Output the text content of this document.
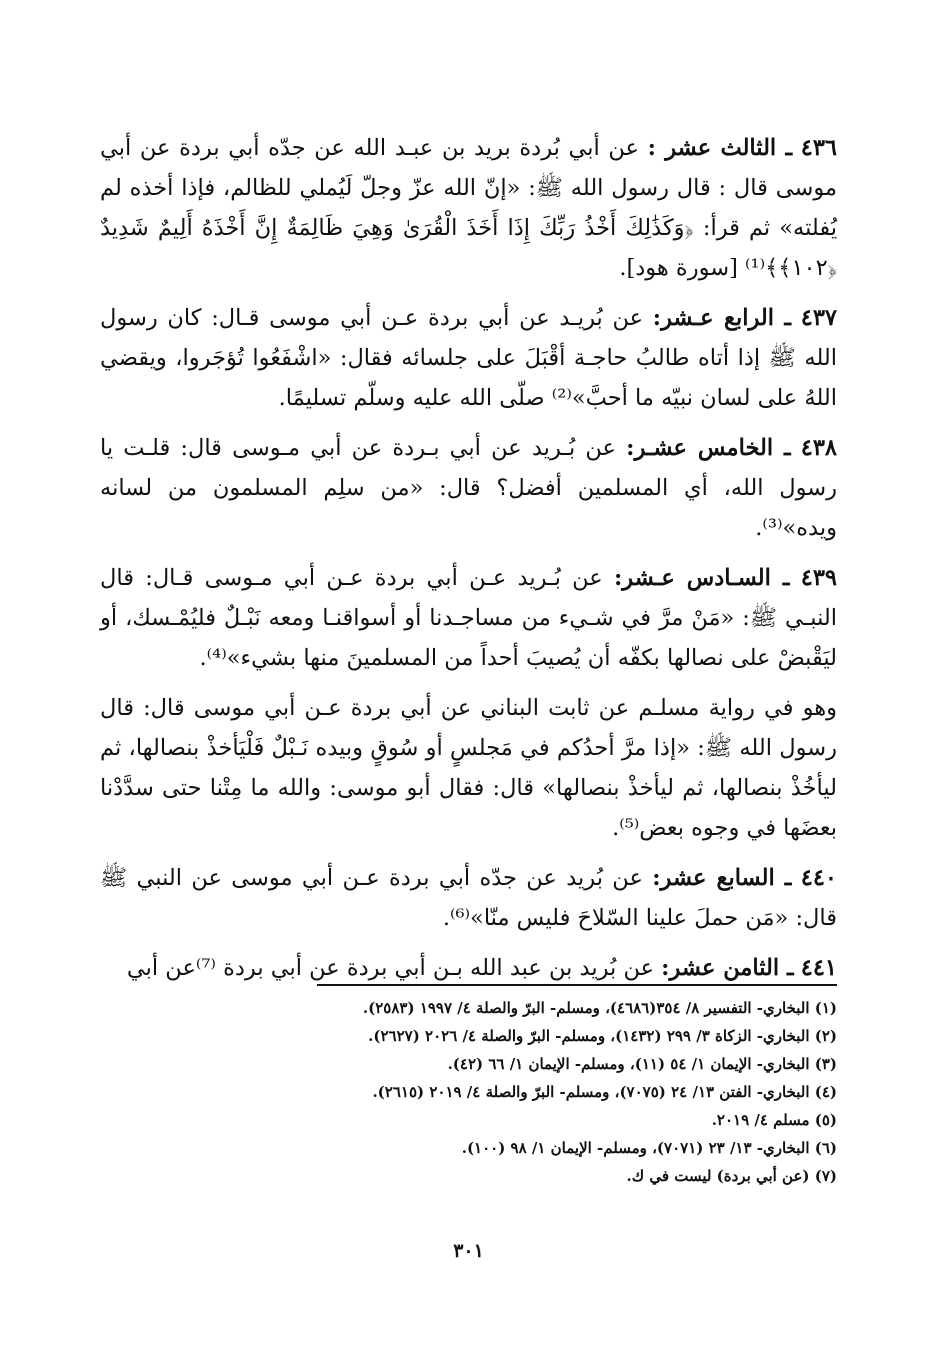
٤٣٦ ـ الثالث عشر : عن أبي بُردة بريد بن عبـد الله عن جدّه أبي بردة عن أبي موسى قال : قال رسول الله ﷺ: «إنّ الله عزّ وجلّ لَيُملي للظالم، فإذا أخذه لم يُفلته» ثم قرأ: ﴿وَكَذَٰلِكَ أَخْذُ رَبِّكَ إِذَا أَخَذَ الْقُرَىٰ وَهِيَ ظَالِمَةٌ إِنَّ أَخْذَهُ أَلِيمٌ شَدِيدٌ ﴿١٠٢﴾﴾⁽¹⁾ [سورة هود].

٤٣٧ ـ الرابع عـشر: عن بُريـد عن أبي بردة عـن أبي موسى قـال: كان رسول الله ﷺ إذا أتاه طالبُ حاجـة أقْبَلَ على جلسائه فقال: «اشْفَعُوا تُؤجَروا، ويقضي اللهُ على لسان نبيّه ما أحبَّ»⁽²⁾ صلّى الله عليه وسلّم تسليمًا.

٤٣٨ ـ الخامس عشـر: عن بُـريد عن أبي بـردة عن أبي مـوسى قال: قلـت يا رسول الله، أي المسلمين أفضل؟ قال: «من سلِم المسلمون من لسانه ويده»⁽³⁾.

٤٣٩ ـ السـادس عـشر: عن بُـريد عـن أبي بردة عـن أبي مـوسى قـال: قال النبـي ﷺ: «مَنْ مرَّ في شـيء من مساجـدنا أو أسواقنـا ومعه نَبْـلٌ فليُمْـسك، أو ليَقْبضْ على نصالها بكفّه أن يُصيبَ أحداً من المسلمينَ منها بشيء»⁽⁴⁾.

وهو في رواية مسلـم عن ثابت البناني عن أبي بردة عـن أبي موسى قال: قال رسول الله ﷺ: «إذا مرَّ أحدُكم في مَجلسٍ أو سُوقٍ وبيده نَـبْلٌ فَلْيَأخذْ بنصالها، ثم ليأخُذْ بنصالها، ثم ليأخذْ بنصالها» قال: فقال أبو موسى: والله ما مِتْنا حتى سدَّدْنا بعضَها في وجوه بعض⁽⁵⁾.

٤٤٠ ـ السابع عشر: عن بُريد عن جدّه أبي بردة عـن أبي موسى عن النبي ﷺ قال: «مَن حملَ علينا السّلاحَ فليس منّا»⁽⁶⁾.

٤٤١ ـ الثامن عشر: عن بُريد بن عبد الله بـن أبي بردة عن أبي بردة ⁽⁷⁾عن أبي

(١) البخاري- التفسير ٨/ ٣٥٤(٤٦٨٦)، ومسلم- البرّ والصلة ٤/ ١٩٩٧ (٢٥٨٣).

(٢) البخاري- الزكاة ٣/ ٢٩٩ (١٤٣٢)، ومسلم- البرّ والصلة ٤/ ٢٠٢٦ (٢٦٢٧).

(٣) البخاري- الإيمان ١/ ٥٤ (١١)، ومسلم- الإيمان ١/ ٦٦ (٤٢).

(٤) البخاري- الفتن ١٣/ ٢٤ (٧٠٧٥)، ومسلم- البرّ والصلة ٤/ ٢٠١٩ (٢٦١٥).

(٥) مسلم ٤/ ٢٠١٩.

(٦) البخاري- ١٣/ ٢٣ (٧٠٧١)، ومسلم- الإيمان ١/ ٩٨ (١٠٠).

(٧) (عن أبي بردة) ليست في ك.

٣٠١
